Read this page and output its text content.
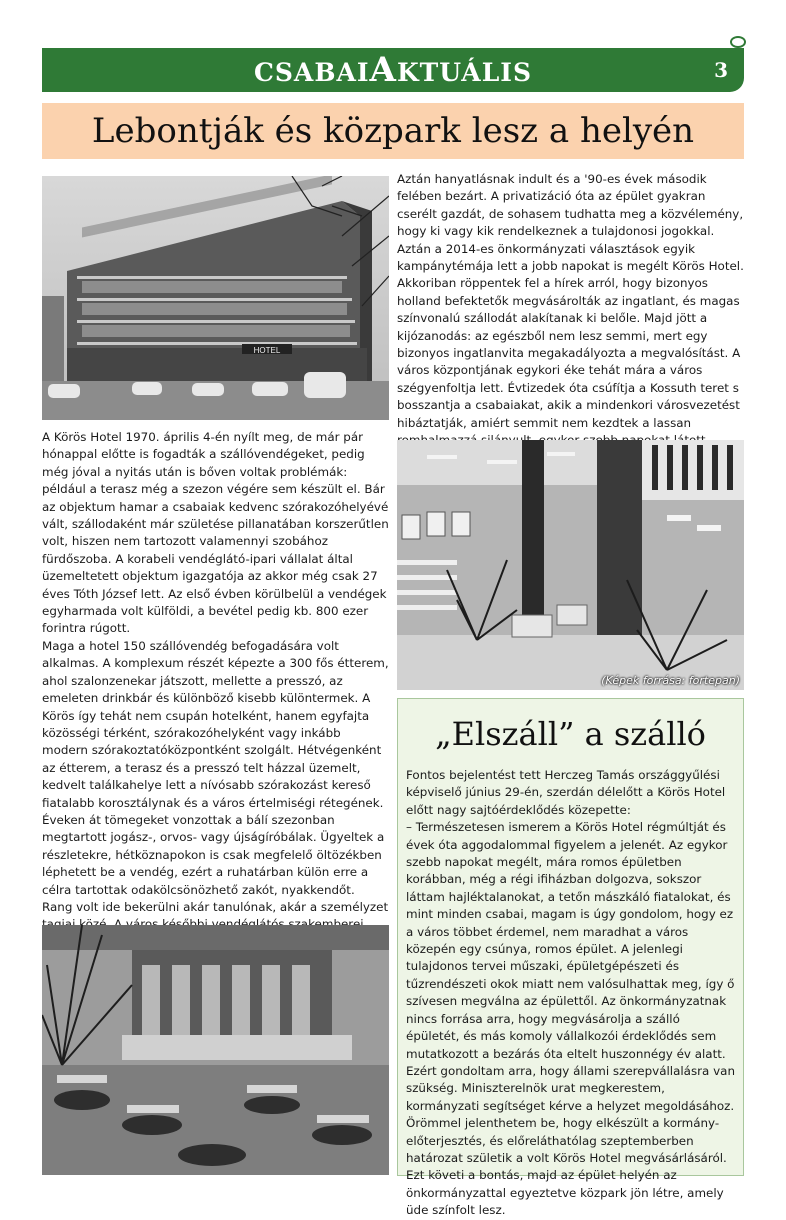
CSABAIAKTUÁLIS	3
Lebontják és közpark lesz a helyén
HOTEL

A Körös Hotel 1970. április 4-én nyílt meg, de már pár hónappal előtte is fogadták a szállóvendégeket, pedig még jóval a nyitás után is bőven voltak problémák: például a terasz még a szezon végére sem készült el. Bár az objektum hamar a csabaiak kedvenc szórakozóhelyévé vált, szállodaként már születése pillanatában korszerűtlen volt, hiszen nem tartozott valamennyi szobához fürdőszoba. A korabeli vendéglátó-ipari vállalat által üzemeltetett objektum igazgatója az akkor még csak 27 éves Tóth József lett. Az első évben körülbelül a vendégek egyharmada volt külföldi, a bevétel pedig kb. 800 ezer forintra rúgott.
Maga a hotel 150 szállóvendég befogadására volt alkalmas. A komplexum részét képezte a 300 fős étterem, ahol szalonzenekar játszott, mellette a presszó, az emeleten drinkbár és különböző kisebb különtermek. A Körös így tehát nem csupán hotelként, hanem egyfajta közösségi térként, szórakozóhelyként vagy inkább modern szórakoztatóközpontként szolgált. Hétvégenként az étterem, a terasz és a presszó telt házzal üzemelt, kedvelt találkahelye lett a nívósabb szórakozást kereső fiatalabb korosztálynak és a város értelmiségi rétegének. Éveken át tömegeket vonzottak a bálí szezonban megtartott jogász-, orvos- vagy újságíróbálak. Ügyeltek a részletekre, hétköznapokon is csak megfelelő öltözékben léphetett be a vendég, ezért a ruhatárban külön erre a célra tartottak odakölcsönözhető zakót, nyakkendőt.
Rang volt ide bekerülni akár tanulónak, akár a személyzet

Aztán hanyatlásnak indult és a '90-es évek második felében bezárt. A privatizáció óta az épület gyakran cserélt gazdát, de sohasem tudhatta meg a közvélemény, hogy ki vagy kik rendelkeznek a tulajdonosi jogokkal. Aztán a 2014-es önkormányzati választások egyik kampánytémája lett a jobb napokat is megélt Körös Hotel. Akkoriban röppentek fel a hírek arról, hogy bizonyos holland befektetők megvásárolták az ingatlant, és magas színvonalú szállodát alakítanak ki belőle. Majd jött a kijózanodás: az egészből nem lesz semmi, mert egy bizonyos ingatlanvita megakadályozta a megvalósítást. A város központjának egykori éke tehát mára a város szégyenfoltja lett. Évtizedek óta csúfítja a Kossuth teret s bosszantja a csabaiakat, akik a mindenkori városvezetést hibáztatják, amiért semmit nem kezdtek a lassan

(Képek forrása: fortepan)
„Elszáll” a szálló

Fontos bejelentést tett Herczeg Tamás országgyűlési képviselő június 29-én, szerdán délelőtt a Körös Hotel előtt nagy sajtóérdeklődés közepette:
– Természetesen ismerem a Körös Hotel régmúltját és évek óta aggodalommal figyelem a jelenét. Az egykor szebb napokat megélt, mára romos épületben korábban, még a régi ifiházban dolgozva, sokszor láttam hajléktalanokat, a tetőn mászkáló fiatalokat, és mint minden csabai, magam is úgy gondolom, hogy ez a város többet érdemel, nem maradhat a város közepén egy csúnya, romos épület. A jelenlegi tulajdonos tervei műszaki, épületgépészeti és tűzrendészeti okok miatt nem valósulhattak meg, így ő szívesen megválna az épülettől. Az önkormányzatnak nincs forrása arra, hogy megvásárolja a szálló épületét, és más komoly vállalkozói érdeklődés sem mutatkozott a bezárás óta eltelt huszonnégy év alatt. Ezért gondoltam arra, hogy állami szerepvállalásra van szükség. Miniszterelnök urat megkerestem, kormányzati segítséget kérve a helyzet megoldásához. Örömmel jelenthetem be, hogy elkészült a kormány-előterjesztés, és előreláthatólag szeptemberben határozat születik a volt Körös Hotel megvásárlásáról. Ezt követi a bontás, majd az épület helyén az önkormányzattal egyeztetve közpark jön létre, amely üde színfolt lesz.
